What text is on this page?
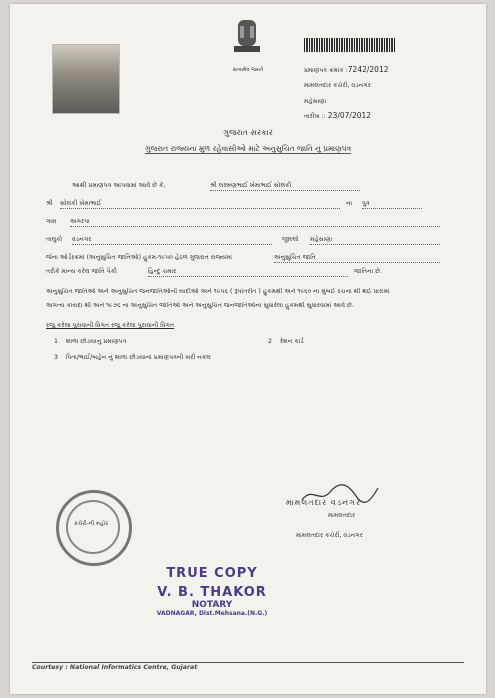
સત્યમેવ જયતે	પ્રમાણપત્ર ક્રમાંક :7242/2012
મામલતદાર કચેરી, વડનગર
મહેસાણા
તારીખ :: 23/07/2012
ગુજરાત સરકાર
ગુજરાત રાજ્યના મુળ રહેવાસીઓ માટે અનુસુચિત જાતિ નું પ્રમાણપત્ર
આથી પ્રમાણપત્ર આપવામાં આવે છે કે,	શ્રી લક્ષ્મણભાઈ ખેમાભાઈ સોલંકી
શ્રી સોલંકી ખેમાભાઈ	ના પુત્ર
ગામ અગરપા
તાલુકો વડનગર	જીલ્લો મહેસાણા
જેના ઓર્ડરક્રમાં (અનુસુચિત જાતિઓ) હુકમ-૧૯૫૦ હેઠળ ગુજરાત રાજ્યમાં	અનુસુચિત જાતિ
તરીકે માન્ય કરેલ જાતિ પૈકી	હિન્દુ ચમાર	જાતિના છે.
અનુસુચિત જાતિઓ અને અનુસુચિત જનજાતિઓની યાદીઓ અને ૧૯૫૬ ( રૂપાંતરીત ) હુકમથી અને ૧૯૬૦ ના મુંબઈ રચના થી થઈ ધારામાં
અગત્ય કાયદા થી અને ૧૯૭૬ ના અનુસુચિત જાતિઓ અને અનુસુચિત જનજાતિઓના સુધારેલા હુકમથી સુધારવામાં આવે છે.
રજુ કરેલા પુરાવાની વિગત રજુ કરેલા પુરાવાની વિગત
1 શાળા છોડયાનુ પ્રમાણપત્ર	2 રેશન કાર્ડ
3 પિતા/ભાઈ/બહેન નું શાળા છોડયાનાં પ્રમાણપત્રની ખરી નકલ
કચેરી-ની મહોર
મામલતદાર વડનગર
મામલતદાર
મામલતદાર કચેરી, વડનગર
TRUE COPY
V. B. THAKOR
NOTARY
VADNAGAR, Dist.Mehsana.(N.G.)
Courtesy : National Informatics Centre, Gujarat
